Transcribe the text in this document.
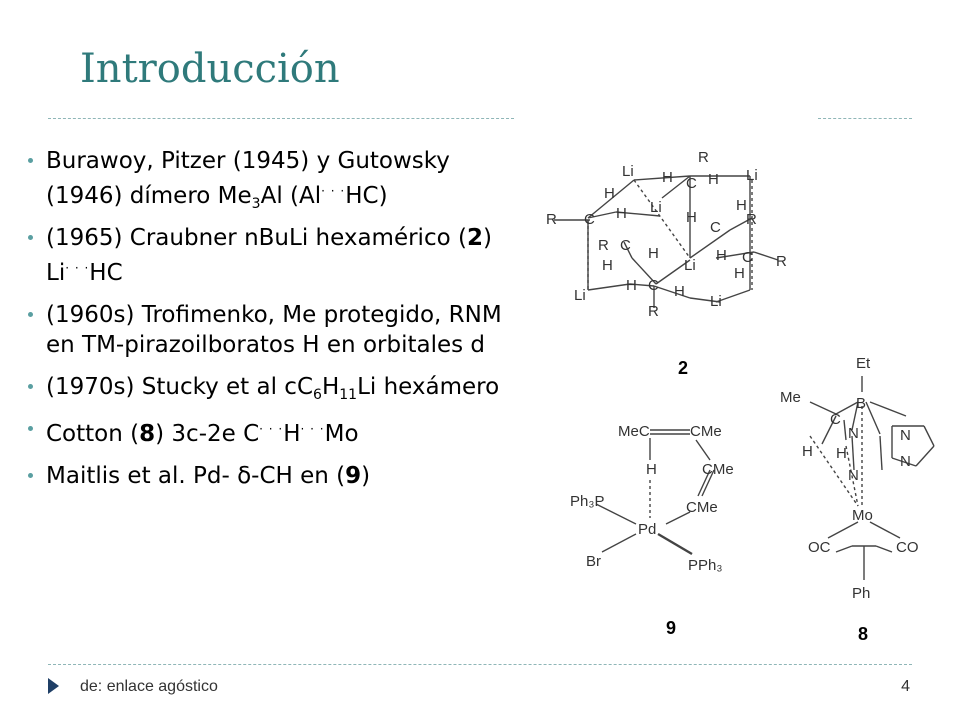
Introducción
Burawoy, Pitzer (1945) y Gutowsky (1946) dímero $Me_3Al$ (Al· · ·HC)
(1965) Craubner nBuLi hexamérico (2) Li· · ·HC
(1960s) Trofimenko, Me protegido, RNM en TM-pirazoilboratos H en orbitales d
(1970s) Stucky et al $cC_6H_{11}Li$ hexámero
Cotton (8) 3c-2e C· · ·H· · ·Mo
Maitlis et al. Pd- δ-CH en (9)
Li H C
R
H Li
H
Li	H
R C H	H
C R
R C H	H C R
H	Li	H
Li
H C H
Li
R
2
MeC	CMe
CMe
H
CMe
Ph₃P
Pd
Br	PPh₃
9
Et
B
Me
C
H H
N
N
N
N
Mo
OC	CO
Ph
8
de: enlace agóstico	4
